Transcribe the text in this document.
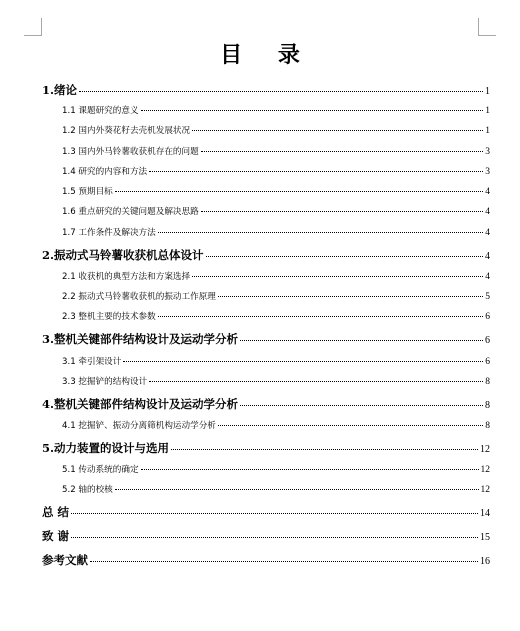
目 录
1.绪论	1
1.1 课题研究的意义	1
1.2 国内外葵花籽去壳机发展状况	1
1.3 国内外马铃薯收获机存在的问题	3
1.4 研究的内容和方法	3
1.5 预期目标	4
1.6 重点研究的关键问题及解决思路	4
1.7 工作条件及解决方法	4
2.振动式马铃薯收获机总体设计	4
2.1 收获机的典型方法和方案选择	4
2.2 振动式马铃薯收获机的振动工作原理	5
2.3 整机主要的技术参数	6
3.整机关键部件结构设计及运动学分析	6
3.1 牵引架设计	6
3.3 挖掘铲的结构设计	8
4.整机关键部件结构设计及运动学分析	8
4.1 挖掘铲、振动分离筛机构运动学分析	8
5.动力装置的设计与选用	12
5.1 传动系统的确定	12
5.2 轴的校核	12
总 结	14
致 谢	15
参考文献	16
